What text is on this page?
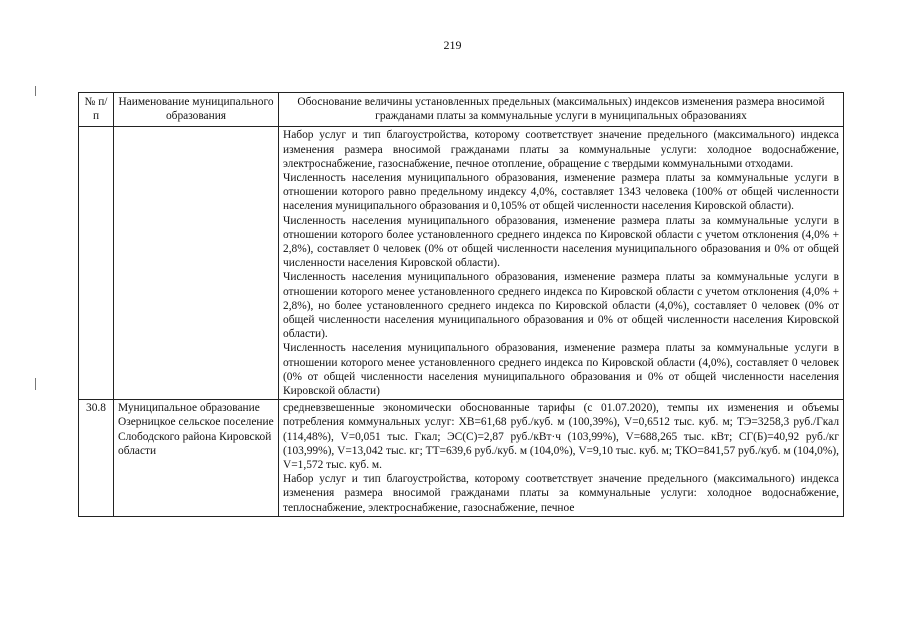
219
№ п/п	Наименование муниципального образования	Обоснование величины установленных предельных (максимальных) индексов изменения размера вносимой гражданами платы за коммунальные услуги в муниципальных образованиях

		Набор услуг и тип благоустройства, которому соответствует значение предельного (максимального) индекса изменения размера вносимой гражданами платы за коммунальные услуги: холодное водоснабжение, электроснабжение, газоснабжение, печное отопление, обращение с твердыми коммунальными отходами.

Численность населения муниципального образования, изменение размера платы за коммунальные услуги в отношении которого равно предельному индексу 4,0%, составляет 1343 человека (100% от общей численности населения муниципального образования и 0,105% от общей численности населения Кировской области).

Численность населения муниципального образования, изменение размера платы за коммунальные услуги в отношении которого более установленного среднего индекса по Кировской области с учетом отклонения (4,0% + 2,8%), составляет 0 человек (0% от общей численности населения муниципального образования и 0% от общей численности населения Кировской области).

Численность населения муниципального образования, изменение размера платы за коммунальные услуги в отношении которого менее установленного среднего индекса по Кировской области с учетом отклонения (4,0% + 2,8%), но более установленного среднего индекса по Кировской области (4,0%), составляет 0 человек (0% от общей численности населения муниципального образования и 0% от общей численности населения Кировской области).

Численность населения муниципального образования, изменение размера платы за коммунальные услуги в отношении которого менее установленного среднего индекса по Кировской области (4,0%), составляет 0 человек (0% от общей численности населения муниципального образования и 0% от общей численности населения Кировской области)

30.8	Муниципальное образование Озерницкое сельское поселение Слободского района Кировской области	средневзвешенные экономически обоснованные тарифы (с 01.07.2020), темпы их изменения и объемы потребления коммунальных услуг: ХВ=61,68 руб./куб. м (100,39%), V=0,6512 тыс. куб. м; ТЭ=3258,3 руб./Гкал (114,48%), V=0,051 тыс. Гкал; ЭС(С)=2,87 руб./кВт·ч (103,99%), V=688,265 тыс. кВт; СГ(Б)=40,92 руб./кг (103,99%), V=13,042 тыс. кг; ТТ=639,6 руб./куб. м (104,0%), V=9,10 тыс. куб. м; ТКО=841,57 руб./куб. м (104,0%), V=1,572 тыс. куб. м.

Набор услуг и тип благоустройства, которому соответствует значение предельного (максимального) индекса изменения размера вносимой гражданами платы за коммунальные услуги: холодное водоснабжение, теплоснабжение, электроснабжение, газоснабжение, печное
